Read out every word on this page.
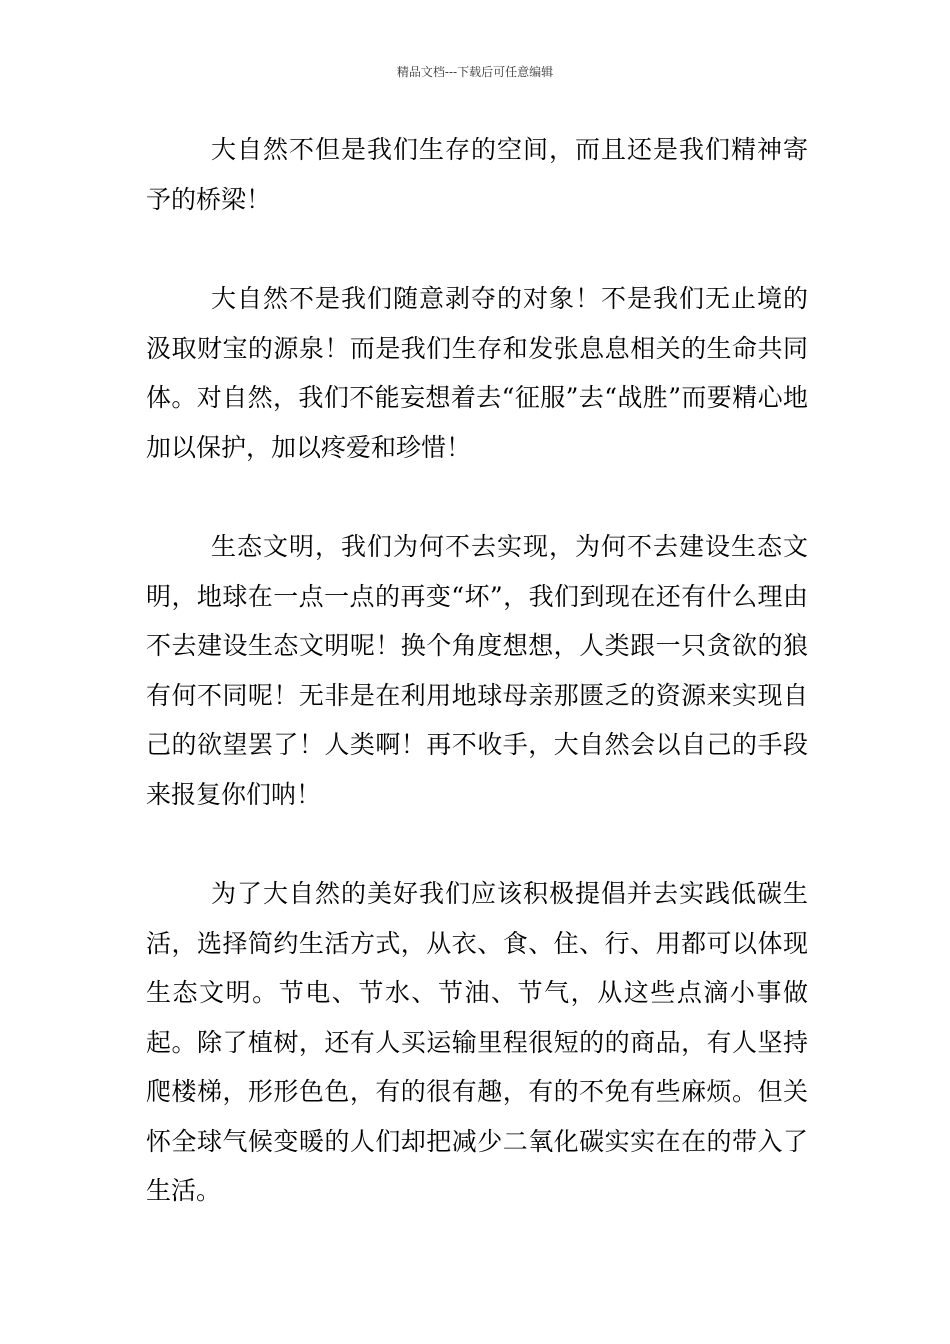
精品文档---下载后可任意编辑

大自然不但是我们生存的空间，而且还是我们精神寄予的桥梁！

大自然不是我们随意剥夺的对象！不是我们无止境的汲取财宝的源泉！而是我们生存和发张息息相关的生命共同体。对自然，我们不能妄想着去“征服”去“战胜”而要精心地加以保护，加以疼爱和珍惜！

生态文明，我们为何不去实现，为何不去建设生态文明，地球在一点一点的再变“坏”，我们到现在还有什么理由不去建设生态文明呢！换个角度想想，人类跟一只贪欲的狼有何不同呢！无非是在利用地球母亲那匮乏的资源来实现自己的欲望罢了！人类啊！再不收手，大自然会以自己的手段来报复你们呐！

为了大自然的美好我们应该积极提倡并去实践低碳生活，选择简约生活方式，从衣、食、住、行、用都可以体现生态文明。节电、节水、节油、节气，从这些点滴小事做起。除了植树，还有人买运输里程很短的的商品，有人坚持爬楼梯，形形色色，有的很有趣，有的不免有些麻烦。但关怀全球气候变暖的人们却把减少二氧化碳实实在在的带入了生活。
